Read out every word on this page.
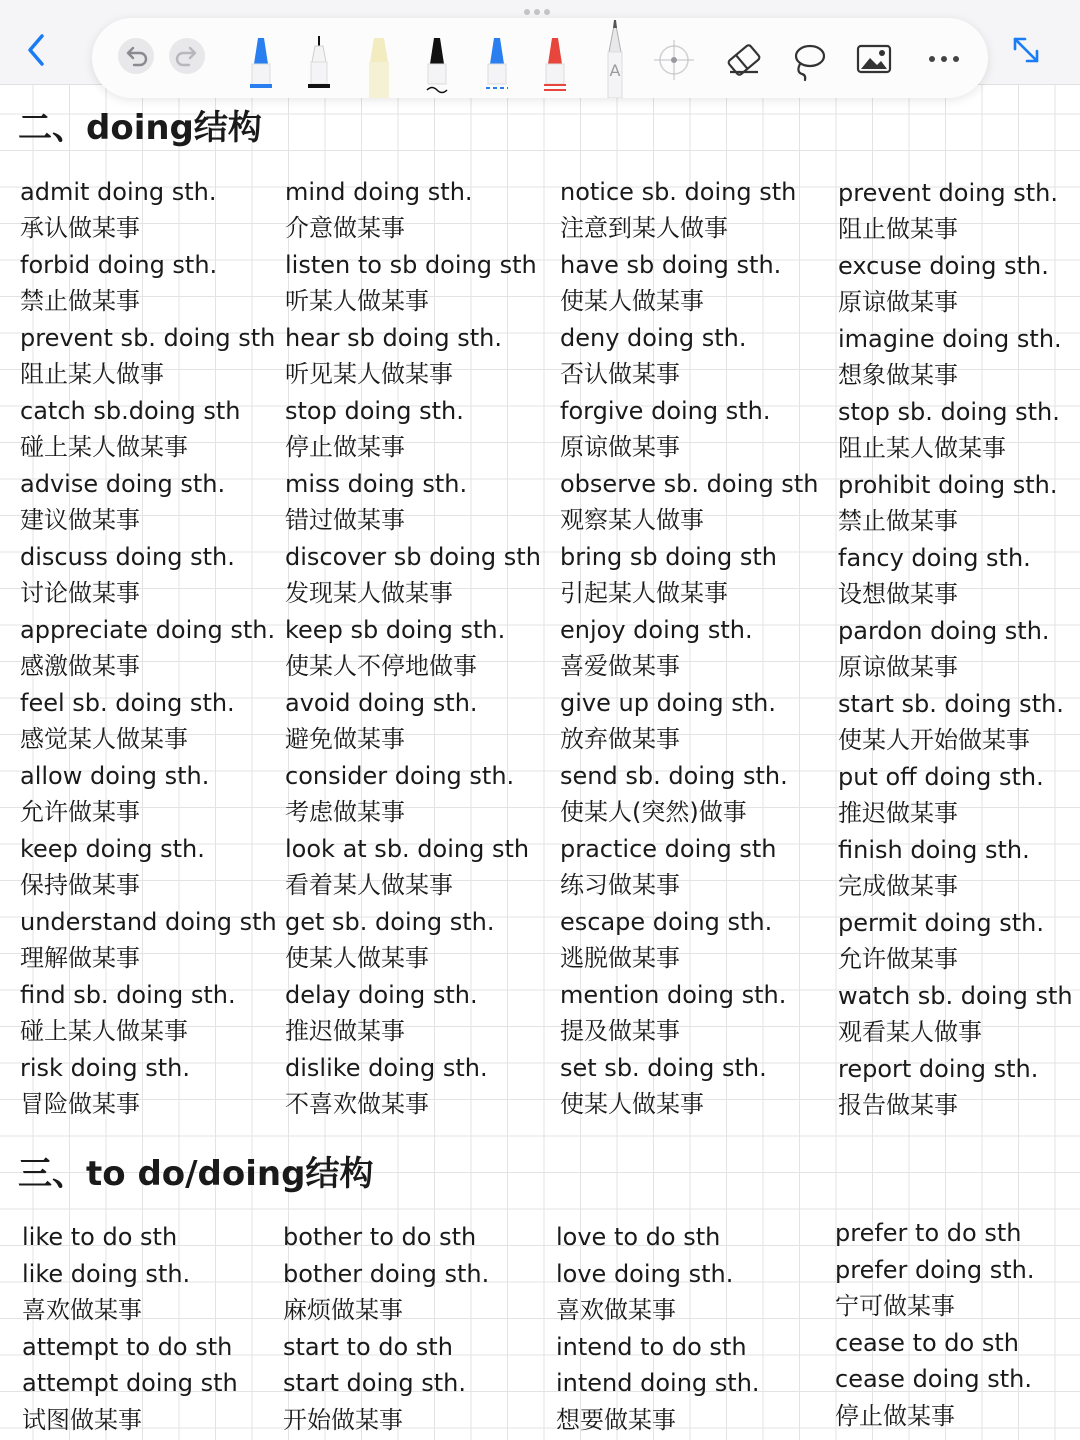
A
二、doing结构
admit doing sth.
承认做某事
forbid doing sth.
禁止做某事
prevent sb. doing sth
阻止某人做事
catch sb.doing sth
碰上某人做某事
advise doing sth.
建议做某事
discuss doing sth.
讨论做某事
appreciate doing sth.
感激做某事
feel sb. doing sth.
感觉某人做某事
allow doing sth.
允许做某事
keep doing sth.
保持做某事
understand doing sth
理解做某事
find sb. doing sth.
碰上某人做某事
risk doing sth.
冒险做某事
mind doing sth.
介意做某事
listen to sb doing sth
听某人做某事
hear sb doing sth.
听见某人做某事
stop doing sth.
停止做某事
miss doing sth.
错过做某事
discover sb doing sth
发现某人做某事
keep sb doing sth.
使某人不停地做事
avoid doing sth.
避免做某事
consider doing sth.
考虑做某事
look at sb. doing sth
看着某人做某事
get sb. doing sth.
使某人做某事
delay doing sth.
推迟做某事
dislike doing sth.
不喜欢做某事
notice sb. doing sth
注意到某人做事
have sb doing sth.
使某人做某事
deny doing sth.
否认做某事
forgive doing sth.
原谅做某事
observe sb. doing sth
观察某人做事
bring sb doing sth
引起某人做某事
enjoy doing sth.
喜爱做某事
give up doing sth.
放弃做某事
send sb. doing sth.
使某人(突然)做事
practice doing sth
练习做某事
escape doing sth.
逃脱做某事
mention doing sth.
提及做某事
set sb. doing sth.
使某人做某事
prevent doing sth.
阻止做某事
excuse doing sth.
原谅做某事
imagine doing sth.
想象做某事
stop sb. doing sth.
阻止某人做某事
prohibit doing sth.
禁止做某事
fancy doing sth.
设想做某事
pardon doing sth.
原谅做某事
start sb. doing sth.
使某人开始做某事
put off doing sth.
推迟做某事
finish doing sth.
完成做某事
permit doing sth.
允许做某事
watch sb. doing sth
观看某人做事
report doing sth.
报告做某事
三、to do/doing结构
like to do sth
like doing sth.
喜欢做某事
attempt to do sth
attempt doing sth
试图做某事
bother to do sth
bother doing sth.
麻烦做某事
start to do sth
start doing sth.
开始做某事
love to do sth
love doing sth.
喜欢做某事
intend to do sth
intend doing sth.
想要做某事
prefer to do sth
prefer doing sth.
宁可做某事
cease to do sth
cease doing sth.
停止做某事
